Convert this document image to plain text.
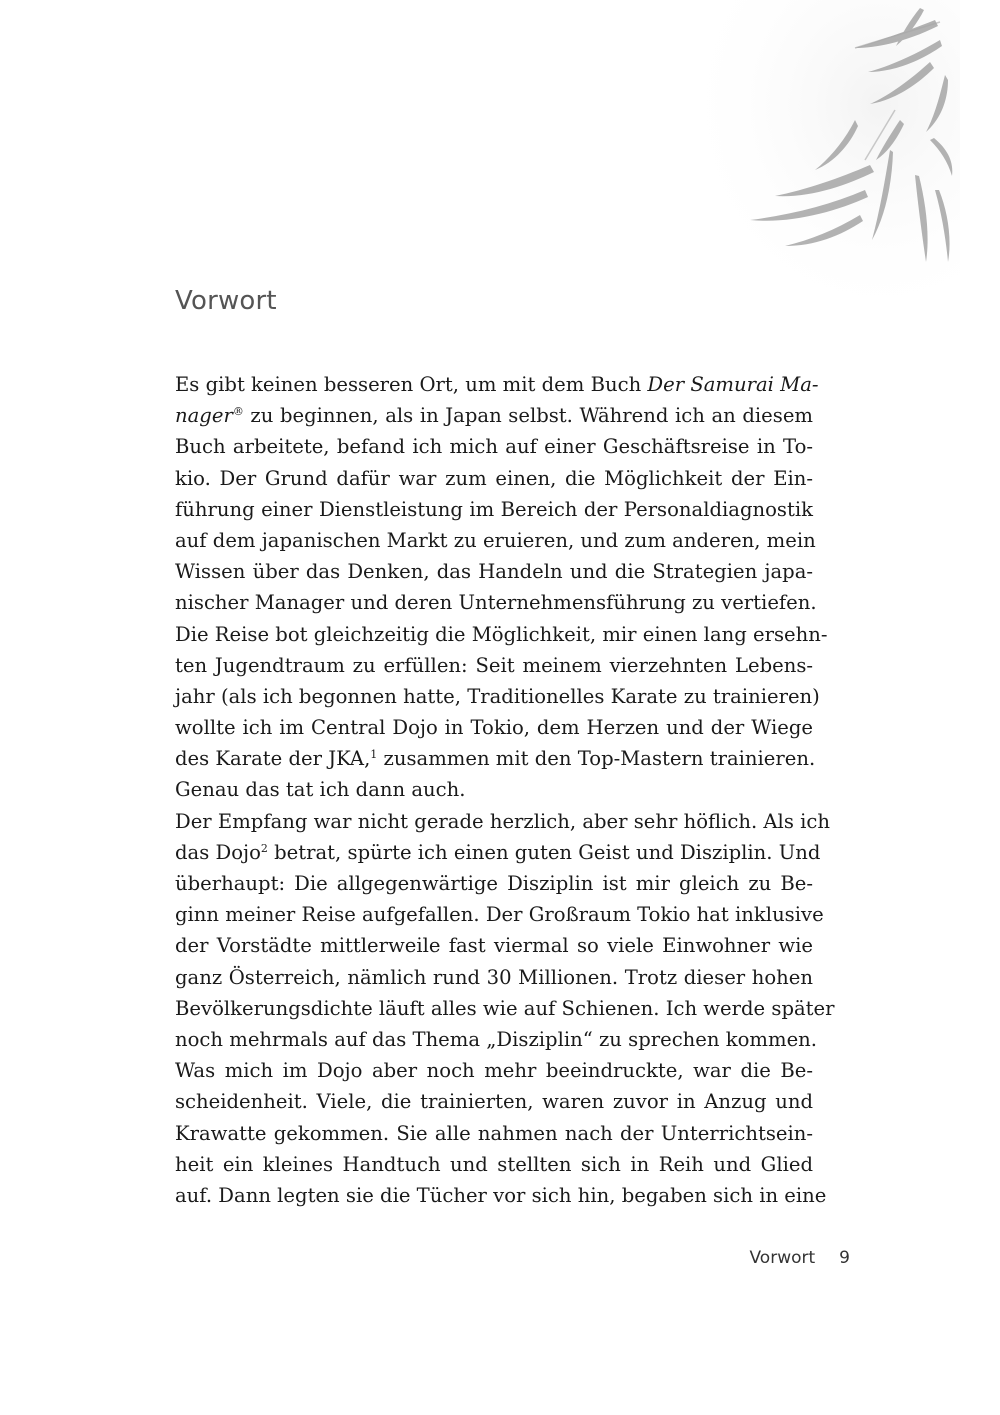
Vorwort
Es gibt keinen besseren Ort, um mit dem Buch Der Samurai Ma-
nager® zu beginnen, als in Japan selbst. Während ich an diesem
Buch arbeitete, befand ich mich auf einer Geschäftsreise in To-
kio. Der Grund dafür war zum einen, die Möglichkeit der Ein-
führung einer Dienstleistung im Bereich der Personaldiagnostik
auf dem japanischen Markt zu eruieren, und zum anderen, mein
Wissen über das Denken, das Handeln und die Strategien japa-
nischer Manager und deren Unternehmensführung zu vertiefen.
Die Reise bot gleichzeitig die Möglichkeit, mir einen lang ersehn-
ten Jugendtraum zu erfüllen: Seit meinem vierzehnten Lebens-
jahr (als ich begonnen hatte, Traditionelles Karate zu trainieren)
wollte ich im Central Dojo in Tokio, dem Herzen und der Wiege
des Karate der JKA,$^1$ zusammen mit den Top-Mastern trainieren.
Genau das tat ich dann auch.
Der Empfang war nicht gerade herzlich, aber sehr höflich. Als ich
das Dojo$^2$ betrat, spürte ich einen guten Geist und Disziplin. Und
überhaupt: Die allgegenwärtige Disziplin ist mir gleich zu Be-
ginn meiner Reise aufgefallen. Der Großraum Tokio hat inklusive
der Vorstädte mittlerweile fast viermal so viele Einwohner wie
ganz Österreich, nämlich rund 30 Millionen. Trotz dieser hohen
Bevölkerungsdichte läuft alles wie auf Schienen. Ich werde später
noch mehrmals auf das Thema „Disziplin“ zu sprechen kommen.
Was mich im Dojo aber noch mehr beeindruckte, war die Be-
scheidenheit. Viele, die trainierten, waren zuvor in Anzug und
Krawatte gekommen. Sie alle nahmen nach der Unterrichtsein-
heit ein kleines Handtuch und stellten sich in Reih und Glied
auf. Dann legten sie die Tücher vor sich hin, begaben sich in eine
Vorwort 9
